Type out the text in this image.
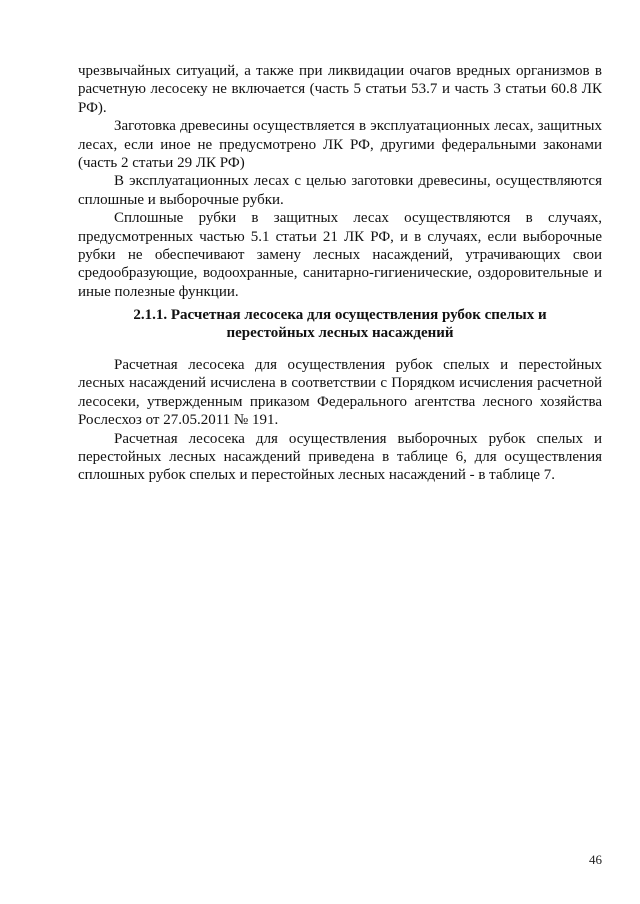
чрезвычайных ситуаций, а также при ликвидации очагов вредных организмов в расчетную лесосеку не включается (часть 5 статьи 53.7 и часть 3 статьи 60.8 ЛК РФ).

Заготовка древесины осуществляется в эксплуатационных лесах, защитных лесах, если иное не предусмотрено ЛК РФ, другими федеральными законами (часть 2 статьи 29 ЛК РФ)

В эксплуатационных лесах с целью заготовки древесины, осуществляются сплошные и выборочные рубки.

Сплошные рубки в защитных лесах осуществляются в случаях, предусмотренных частью 5.1 статьи 21 ЛК РФ, и в случаях, если выборочные рубки не обеспечивают замену лесных насаждений, утрачивающих свои средообразующие, водоохранные, санитарно-гигиенические, оздоровительные и иные полезные функции.

2.1.1. Расчетная лесосека для осуществления рубок спелых и
перестойных лесных насаждений

Расчетная лесосека для осуществления рубок спелых и перестойных лесных насаждений исчислена в соответствии с Порядком исчисления расчетной лесосеки, утвержденным приказом Федерального агентства лесного хозяйства Рослесхоз от 27.05.2011 № 191.

Расчетная лесосека для осуществления выборочных рубок спелых и перестойных лесных насаждений приведена в таблице 6, для осуществления сплошных рубок спелых и перестойных лесных насаждений - в таблице 7.

46
